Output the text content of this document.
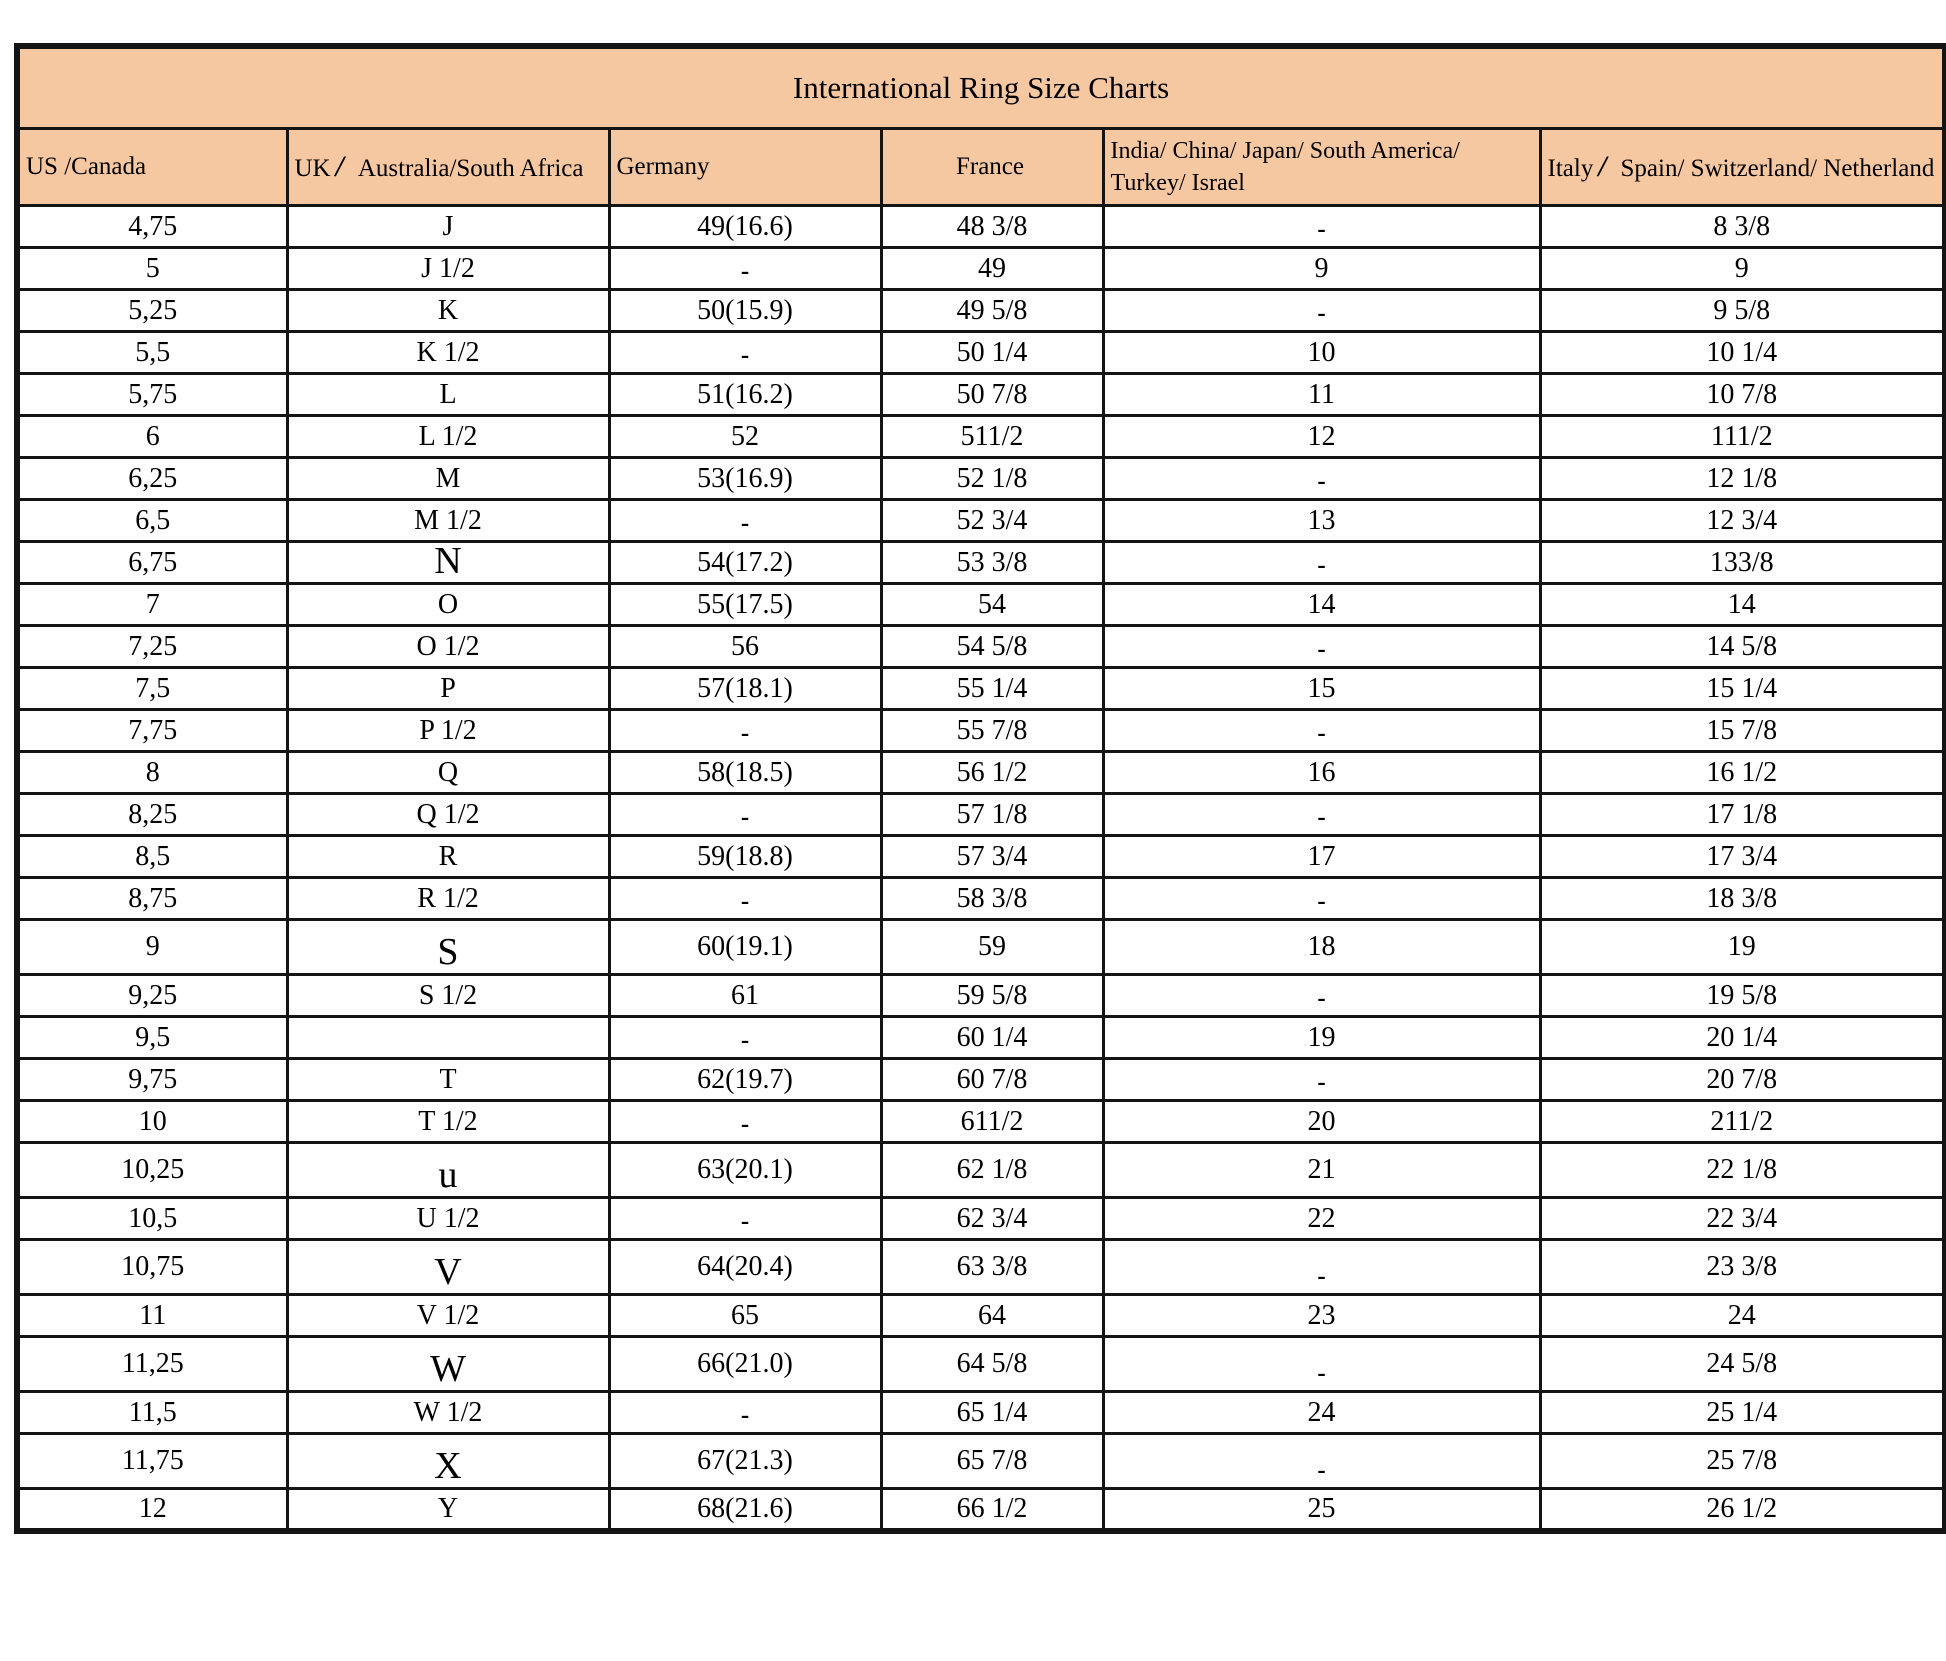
International Ring Size Charts					
US /Canada	UK / Australia/South Africa	Germany	France	India/ China/ Japan/ South America/
Turkey/ Israel	Italy / Spain/ Switzerland/ Netherland
4,75	J	49(16.6)	48 3/8	-	8 3/8
5	J 1/2	-	49	9	9
5,25	K	50(15.9)	49 5/8	-	9 5/8
5,5	K 1/2	-	50 1/4	10	10 1/4
5,75	L	51(16.2)	50 7/8	11	10 7/8
6	L 1/2	52	511/2	12	111/2
6,25	M	53(16.9)	52 1/8	-	12 1/8
6,5	M 1/2	-	52 3/4	13	12 3/4
6,75	N	54(17.2)	53 3/8	-	133/8
7	O	55(17.5)	54	14	14
7,25	O 1/2	56	54 5/8	-	14 5/8
7,5	P	57(18.1)	55 1/4	15	15 1/4
7,75	P 1/2	-	55 7/8	-	15 7/8
8	Q	58(18.5)	56 1/2	16	16 1/2
8,25	Q 1/2	-	57 1/8	-	17 1/8
8,5	R	59(18.8)	57 3/4	17	17 3/4
8,75	R 1/2	-	58 3/8	-	18 3/8
9	S	60(19.1)	59	18	19
9,25	S 1/2	61	59 5/8	-	19 5/8
9,5		-	60 1/4	19	20 1/4
9,75	T	62(19.7)	60 7/8	-	20 7/8
10	T 1/2	-	611/2	20	211/2
10,25	u	63(20.1)	62 1/8	21	22 1/8
10,5	U 1/2	-	62 3/4	22	22 3/4
10,75	V	64(20.4)	63 3/8	-	23 3/8
11	V 1/2	65	64	23	24
11,25	W	66(21.0)	64 5/8	-	24 5/8
11,5	W 1/2	-	65 1/4	24	25 1/4
11,75	X	67(21.3)	65 7/8	-	25 7/8
12	Y	68(21.6)	66 1/2	25	26 1/2
